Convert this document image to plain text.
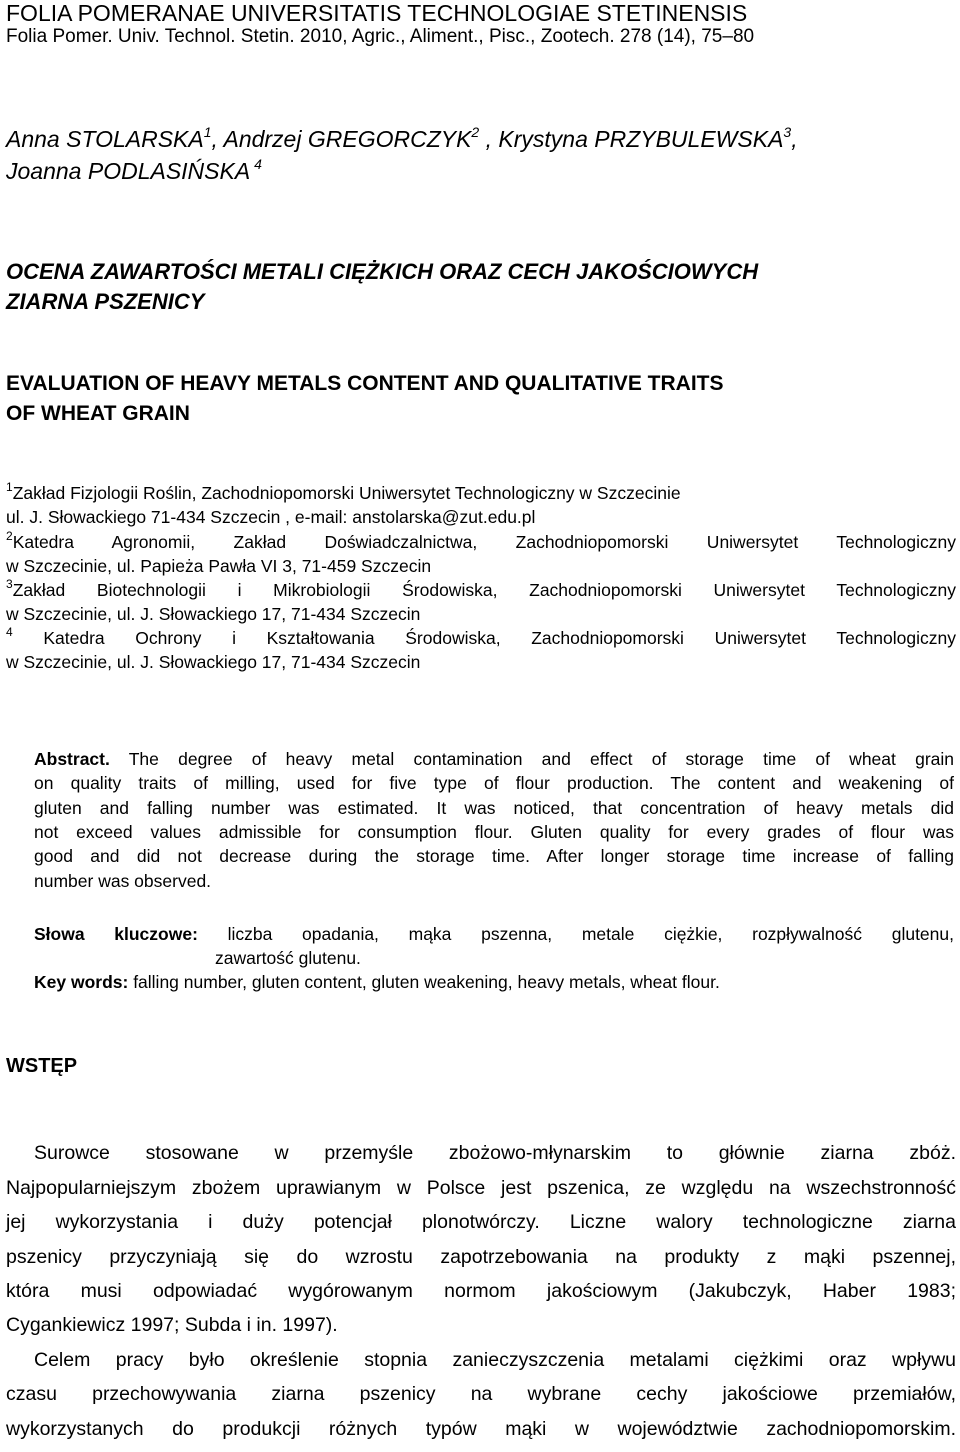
FOLIA POMERANAE UNIVERSITATIS TECHNOLOGIAE STETINENSIS
Folia Pomer. Univ. Technol. Stetin. 2010, Agric., Aliment., Pisc., Zootech. 278 (14), 75–80
Anna STOLARSKA$^1$, Andrzej GREGORCZYK$^2$ , Krystyna PRZYBULEWSKA$^3$,
Joanna PODLASIŃSKA $^4$
OCENA ZAWARTOŚCI METALI CIĘŻKICH ORAZ CECH JAKOŚCIOWYCH
ZIARNA PSZENICY
EVALUATION OF HEAVY METALS CONTENT AND QUALITATIVE TRAITS
OF WHEAT GRAIN
$^1$Zakład Fizjologii Roślin, Zachodniopomorski Uniwersytet Technologiczny w Szczecinie
ul. J. Słowackiego 71-434 Szczecin , e-mail: anstolarska@zut.edu.pl
$^2$Katedra Agronomii, Zakład Doświadczalnictwa, Zachodniopomorski Uniwersytet Technologiczny
w Szczecinie, ul. Papieża Pawła VI 3, 71-459 Szczecin
$^3$Zakład Biotechnologii i Mikrobiologii Środowiska, Zachodniopomorski Uniwersytet Technologiczny
w Szczecinie, ul. J. Słowackiego 17, 71-434 Szczecin
$^4$ Katedra Ochrony i Kształtowania Środowiska, Zachodniopomorski Uniwersytet Technologiczny
w Szczecinie, ul. J. Słowackiego 17, 71-434 Szczecin
Abstract. The degree of heavy metal contamination and effect of storage time of wheat grain
on quality traits of milling, used for five type of flour production. The content and weakening of
gluten and falling number was estimated. It was noticed, that concentration of heavy metals did
not exceed values admissible for consumption flour. Gluten quality for every grades of flour was
good and did not decrease during the storage time. After longer storage time increase of falling
number was observed.
Słowa kluczowe: liczba opadania, mąka pszenna, metale ciężkie, rozpływalność glutenu,
zawartość glutenu.
Key words: falling number, gluten content, gluten weakening, heavy metals, wheat flour.
WSTĘP
Surowce stosowane w przemyśle zbożowo-młynarskim to głównie ziarna zbóż.
Najpopularniejszym zbożem uprawianym w Polsce jest pszenica, ze względu na wszechstronność
jej wykorzystania i duży potencjał plonotwórczy. Liczne walory technologiczne ziarna
pszenicy przyczyniają się do wzrostu zapotrzebowania na produkty z mąki pszennej,
która musi odpowiadać wygórowanym normom jakościowym (Jakubczyk, Haber 1983;
Cygankiewicz 1997; Subda i in. 1997).
Celem pracy było określenie stopnia zanieczyszczenia metalami ciężkimi oraz wpływu
czasu przechowywania ziarna pszenicy na wybrane cechy jakościowe przemiałów,
wykorzystanych do produkcji różnych typów mąki w województwie zachodniopomorskim.
